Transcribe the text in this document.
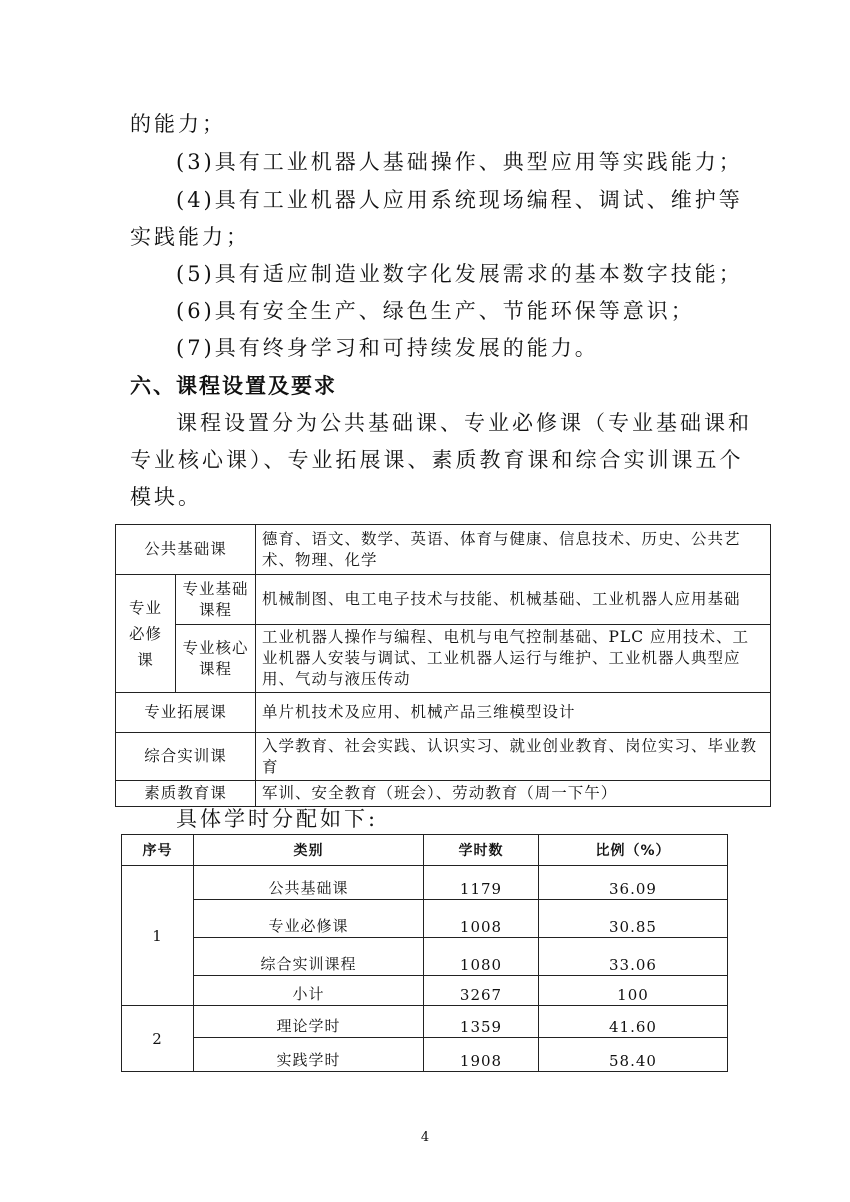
的能力；
(3)具有工业机器人基础操作、典型应用等实践能力；
(4)具有工业机器人应用系统现场编程、调试、维护等
实践能力；
(5)具有适应制造业数字化发展需求的基本数字技能；
(6)具有安全生产、绿色生产、节能环保等意识；
(7)具有终身学习和可持续发展的能力。
六、课程设置及要求
课程设置分为公共基础课、专业必修课（专业基础课和
专业核心课）、专业拓展课、素质教育课和综合实训课五个
模块。
公共基础课		德育、语文、数学、英语、体育与健康、信息技术、历史、公共艺术、物理、化学
专业必修课	专业基础课程	机械制图、电工电子技术与技能、机械基础、工业机器人应用基础
	专业核心课程	工业机器人操作与编程、电机与电气控制基础、PLC 应用技术、工业机器人安装与调试、工业机器人运行与维护、工业机器人典型应用、气动与液压传动
专业拓展课		单片机技术及应用、机械产品三维模型设计
综合实训课		入学教育、社会实践、认识实习、就业创业教育、岗位实习、毕业教育
素质教育课		军训、安全教育（班会）、劳动教育（周一下午）
具体学时分配如下:
序号	类别	学时数	比例（%）
1	公共基础课	1179	36.09
	专业必修课	1008	30.85
	综合实训课程	1080	33.06
	小计	3267	100
2	理论学时	1359	41.60
	实践学时	1908	58.40
4
